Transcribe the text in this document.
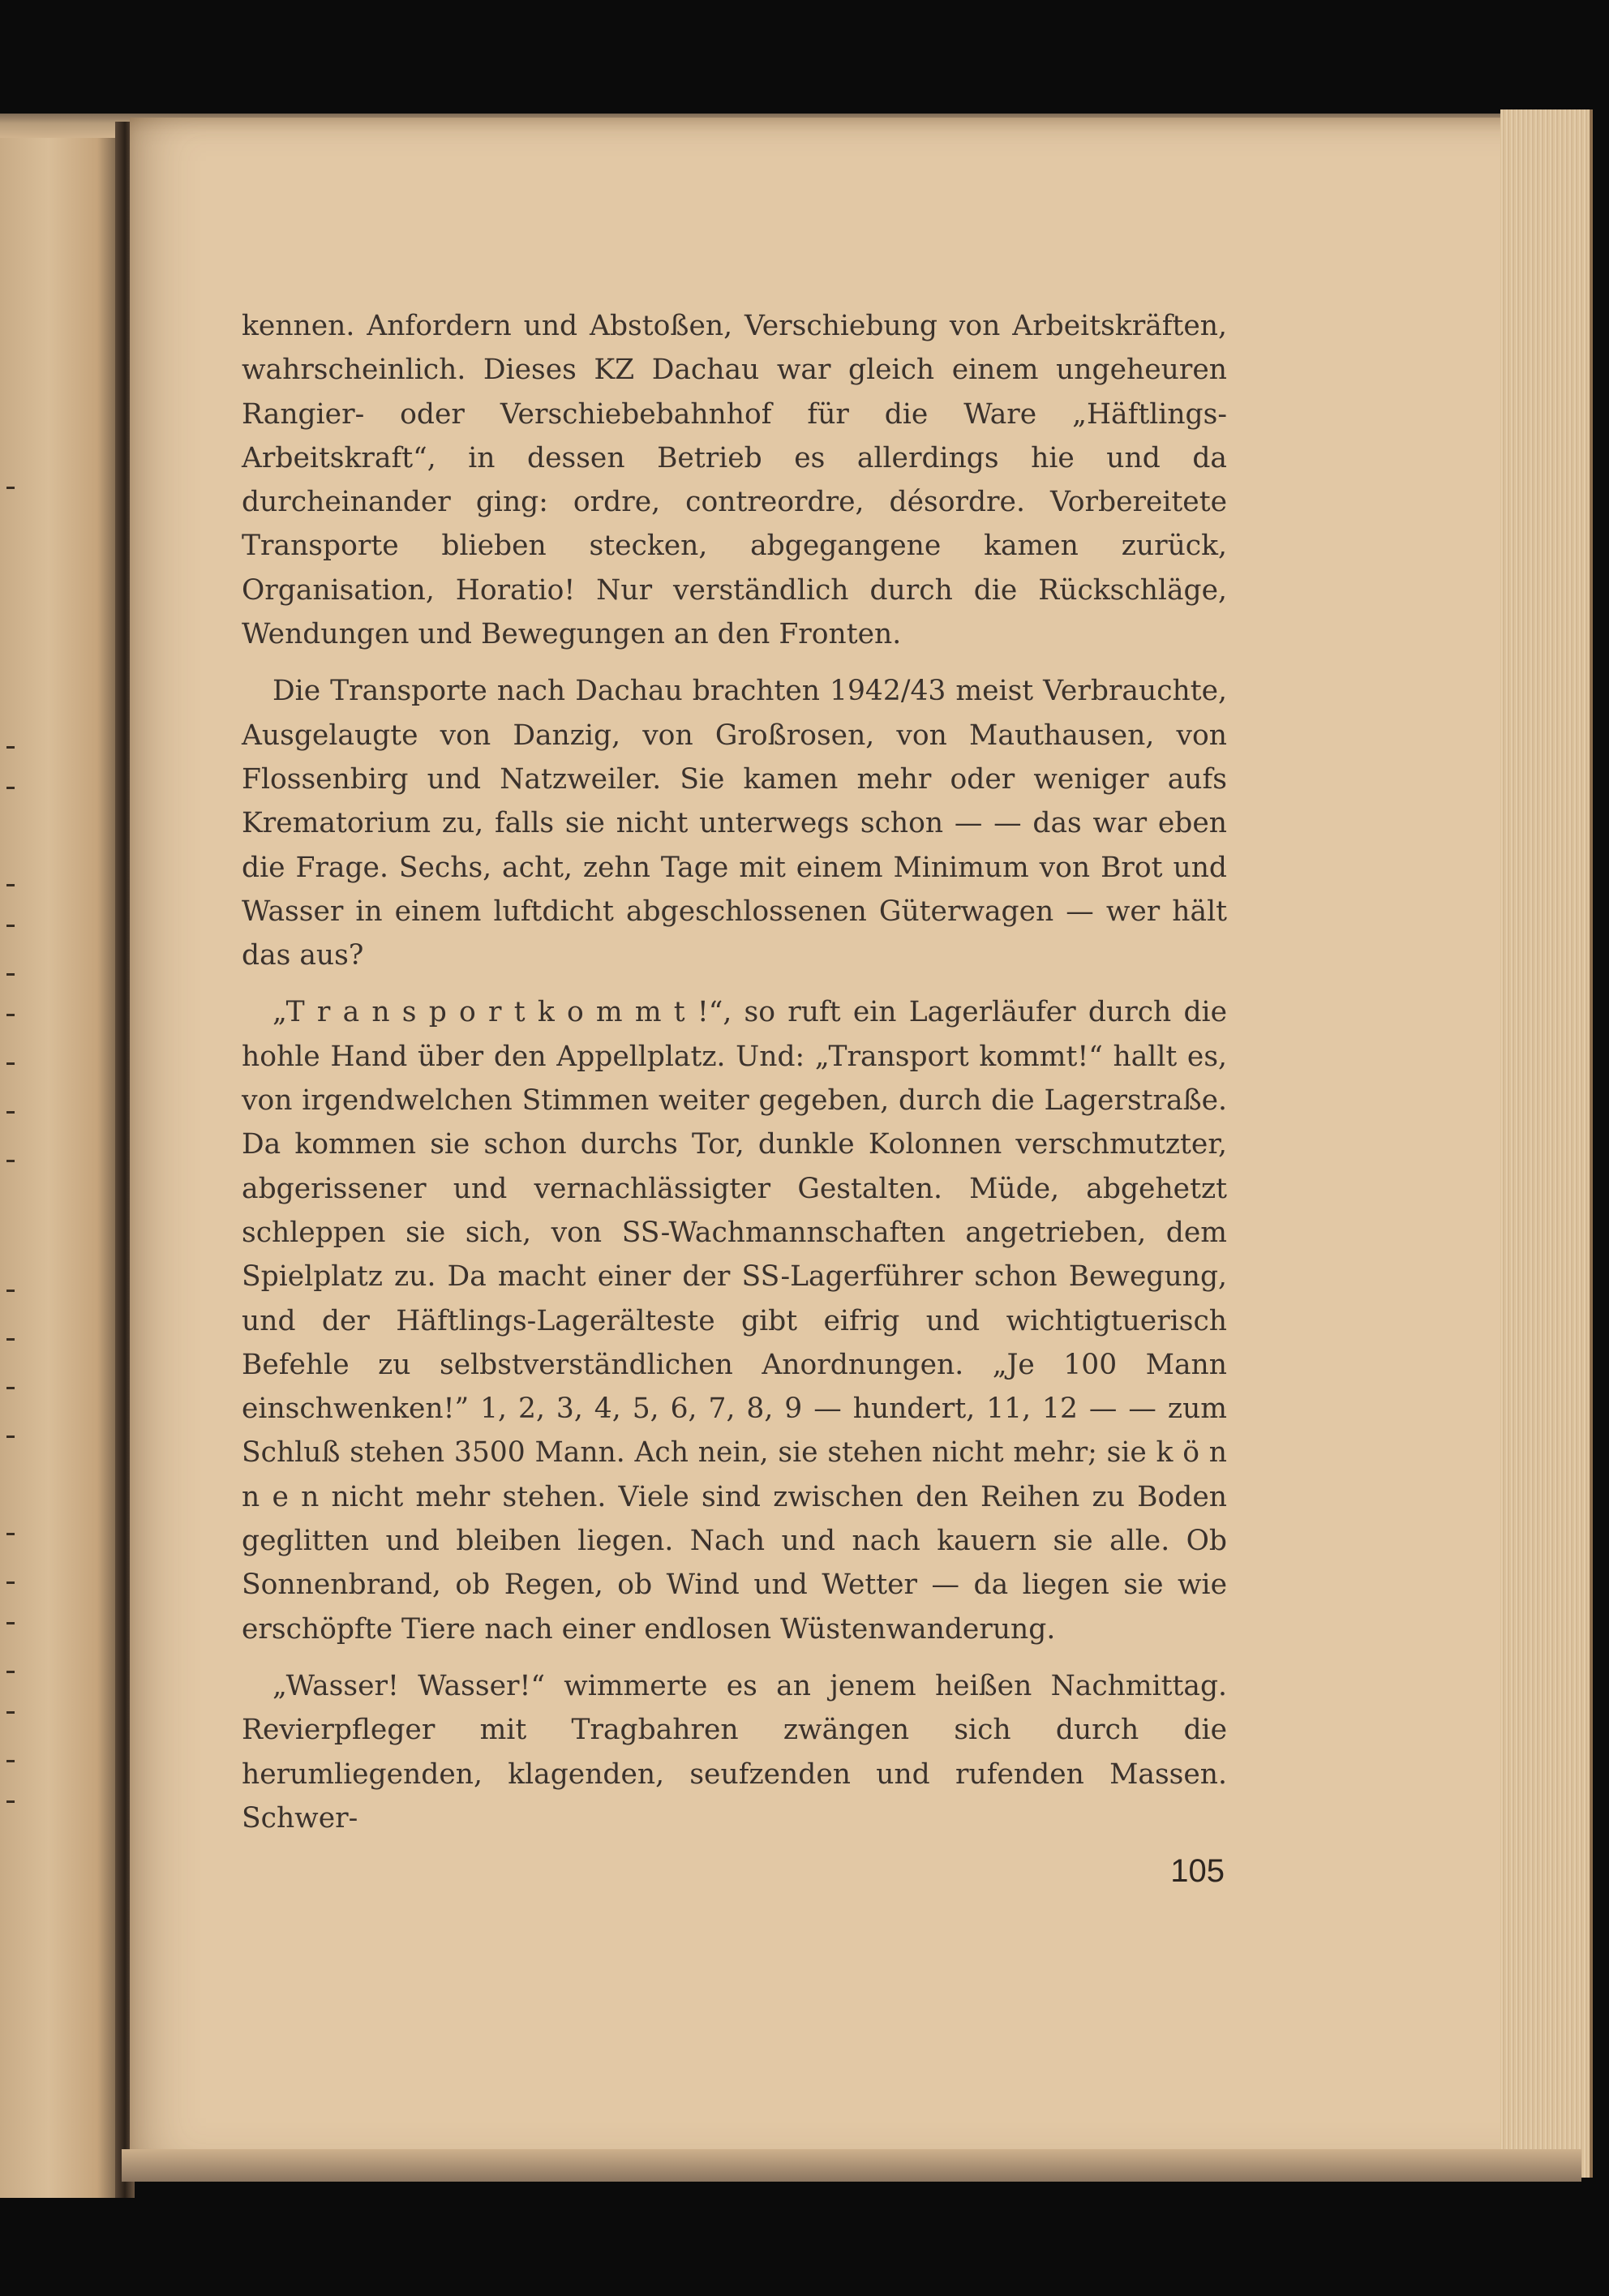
kennen. Anfordern und Abstoßen, Verschiebung von Arbeitskräften, wahrscheinlich. Dieses KZ Dachau war gleich einem ungeheuren Rangier- oder Verschiebebahnhof für die Ware „Häftlings-Arbeitskraft“, in dessen Betrieb es allerdings hie und da durcheinander ging: ordre, contreordre, désordre. Vorbereitete Transporte blieben stecken, abgegangene kamen zurück, Organisation, Horatio! Nur verständlich durch die Rückschläge, Wendungen und Bewegungen an den Fronten.

Die Transporte nach Dachau brachten 1942/43 meist Verbrauchte, Ausgelaugte von Danzig, von Großrosen, von Mauthausen, von Flossenbirg und Natzweiler. Sie kamen mehr oder weniger aufs Krematorium zu, falls sie nicht unterwegs schon — — das war eben die Frage. Sechs, acht, zehn Tage mit einem Minimum von Brot und Wasser in einem luftdicht abgeschlossenen Güterwagen — wer hält das aus?

„T r a n s p o r t k o m m t !“, so ruft ein Lagerläufer durch die hohle Hand über den Appellplatz. Und: „Transport kommt!“ hallt es, von irgendwelchen Stimmen weiter gegeben, durch die Lagerstraße. Da kommen sie schon durchs Tor, dunkle Kolonnen verschmutzter, abgerissener und vernachlässigter Gestalten. Müde, abgehetzt schleppen sie sich, von SS-Wachmannschaften angetrieben, dem Spielplatz zu. Da macht einer der SS-Lagerführer schon Bewegung, und der Häftlings-Lagerälteste gibt eifrig und wichtigtuerisch Befehle zu selbstverständlichen Anordnungen. „Je 100 Mann einschwenken!” 1, 2, 3, 4, 5, 6, 7, 8, 9 — hundert, 11, 12 — — zum Schluß stehen 3500 Mann. Ach nein, sie stehen nicht mehr; sie k ö n n e n nicht mehr stehen. Viele sind zwischen den Reihen zu Boden geglitten und bleiben liegen. Nach und nach kauern sie alle. Ob Sonnenbrand, ob Regen, ob Wind und Wetter — da liegen sie wie erschöpfte Tiere nach einer endlosen Wüstenwanderung.

„Wasser! Wasser!“ wimmerte es an jenem heißen Nachmittag. Revierpfleger mit Tragbahren zwängen sich durch die herumliegenden, klagenden, seufzenden und rufenden Massen. Schwer-

105
